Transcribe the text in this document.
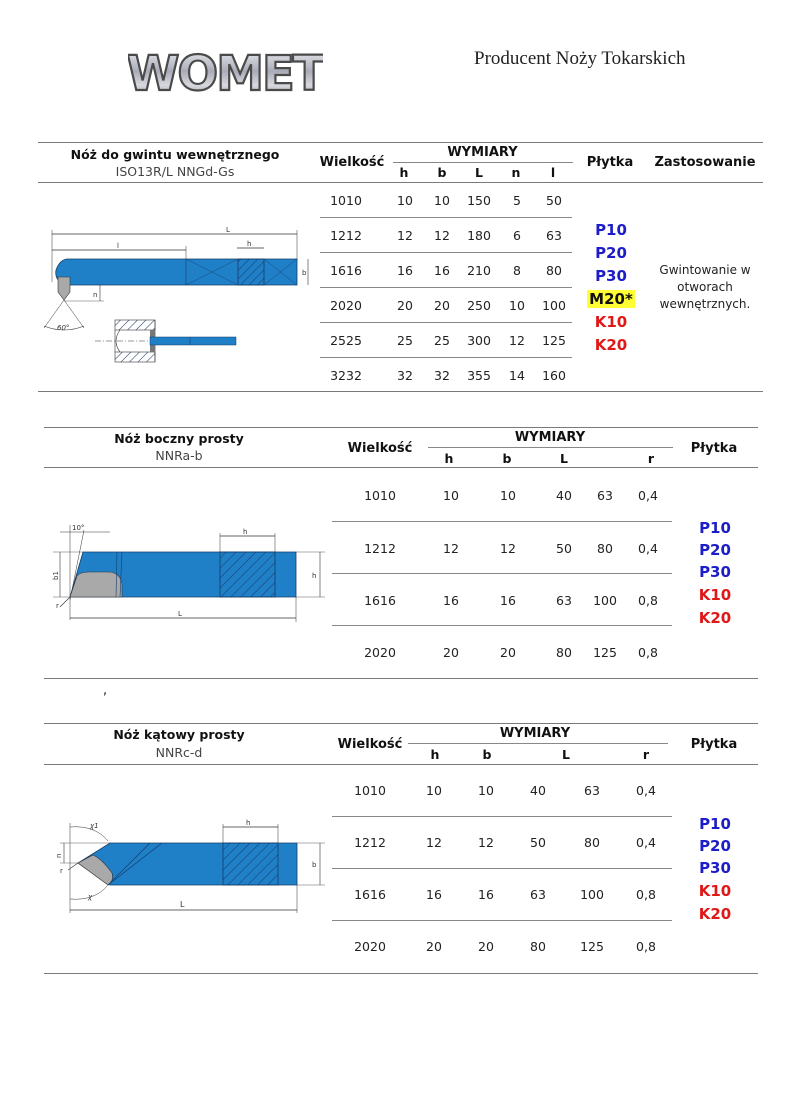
WOMET	Producent Noży Tokarskich
Nóż do gwintu wewnętrznego
ISO13R/L NNGd-Gs
Wielkość
WYMIARY
h	b	L	n	l
Płytka	Zastosowanie
1010	10	10	150	5	50
1212	12	12	180	6	63
1616	16	16	210	8	80
2020	20	20	250	10	100
2525	25	25	300	12	125
3232	32	32	355	14	160
P10
P20
P30
M20*
K10
K20
Gwintowanie w
otworach
wewnętrznych.
L
l	h
b
n
60°
Nóż boczny prosty
NNRa-b	Wielkość
WYMIARY
h	b	L	r
Płytka
1010	10	10	40	63	0,4
1212	12	12	50	80	0,4
1616	16	16	63	100	0,8
2020	20	20	80	125	0,8
P10
P20
P30
K10
K20
,
10°	h
b1	h
L
r
Nóż kątowy prosty
NNRc-d
Wielkość
WYMIARY
h	b	L	r
Płytka
1010	10	10	40	63	0,4
1212	12	12	50	80	0,4
1616	16	16	63	100	0,8
2020	20	20	80	125	0,8
P10
P20
P30
K10
K20
χ1
χ
h
n
b
L
r
